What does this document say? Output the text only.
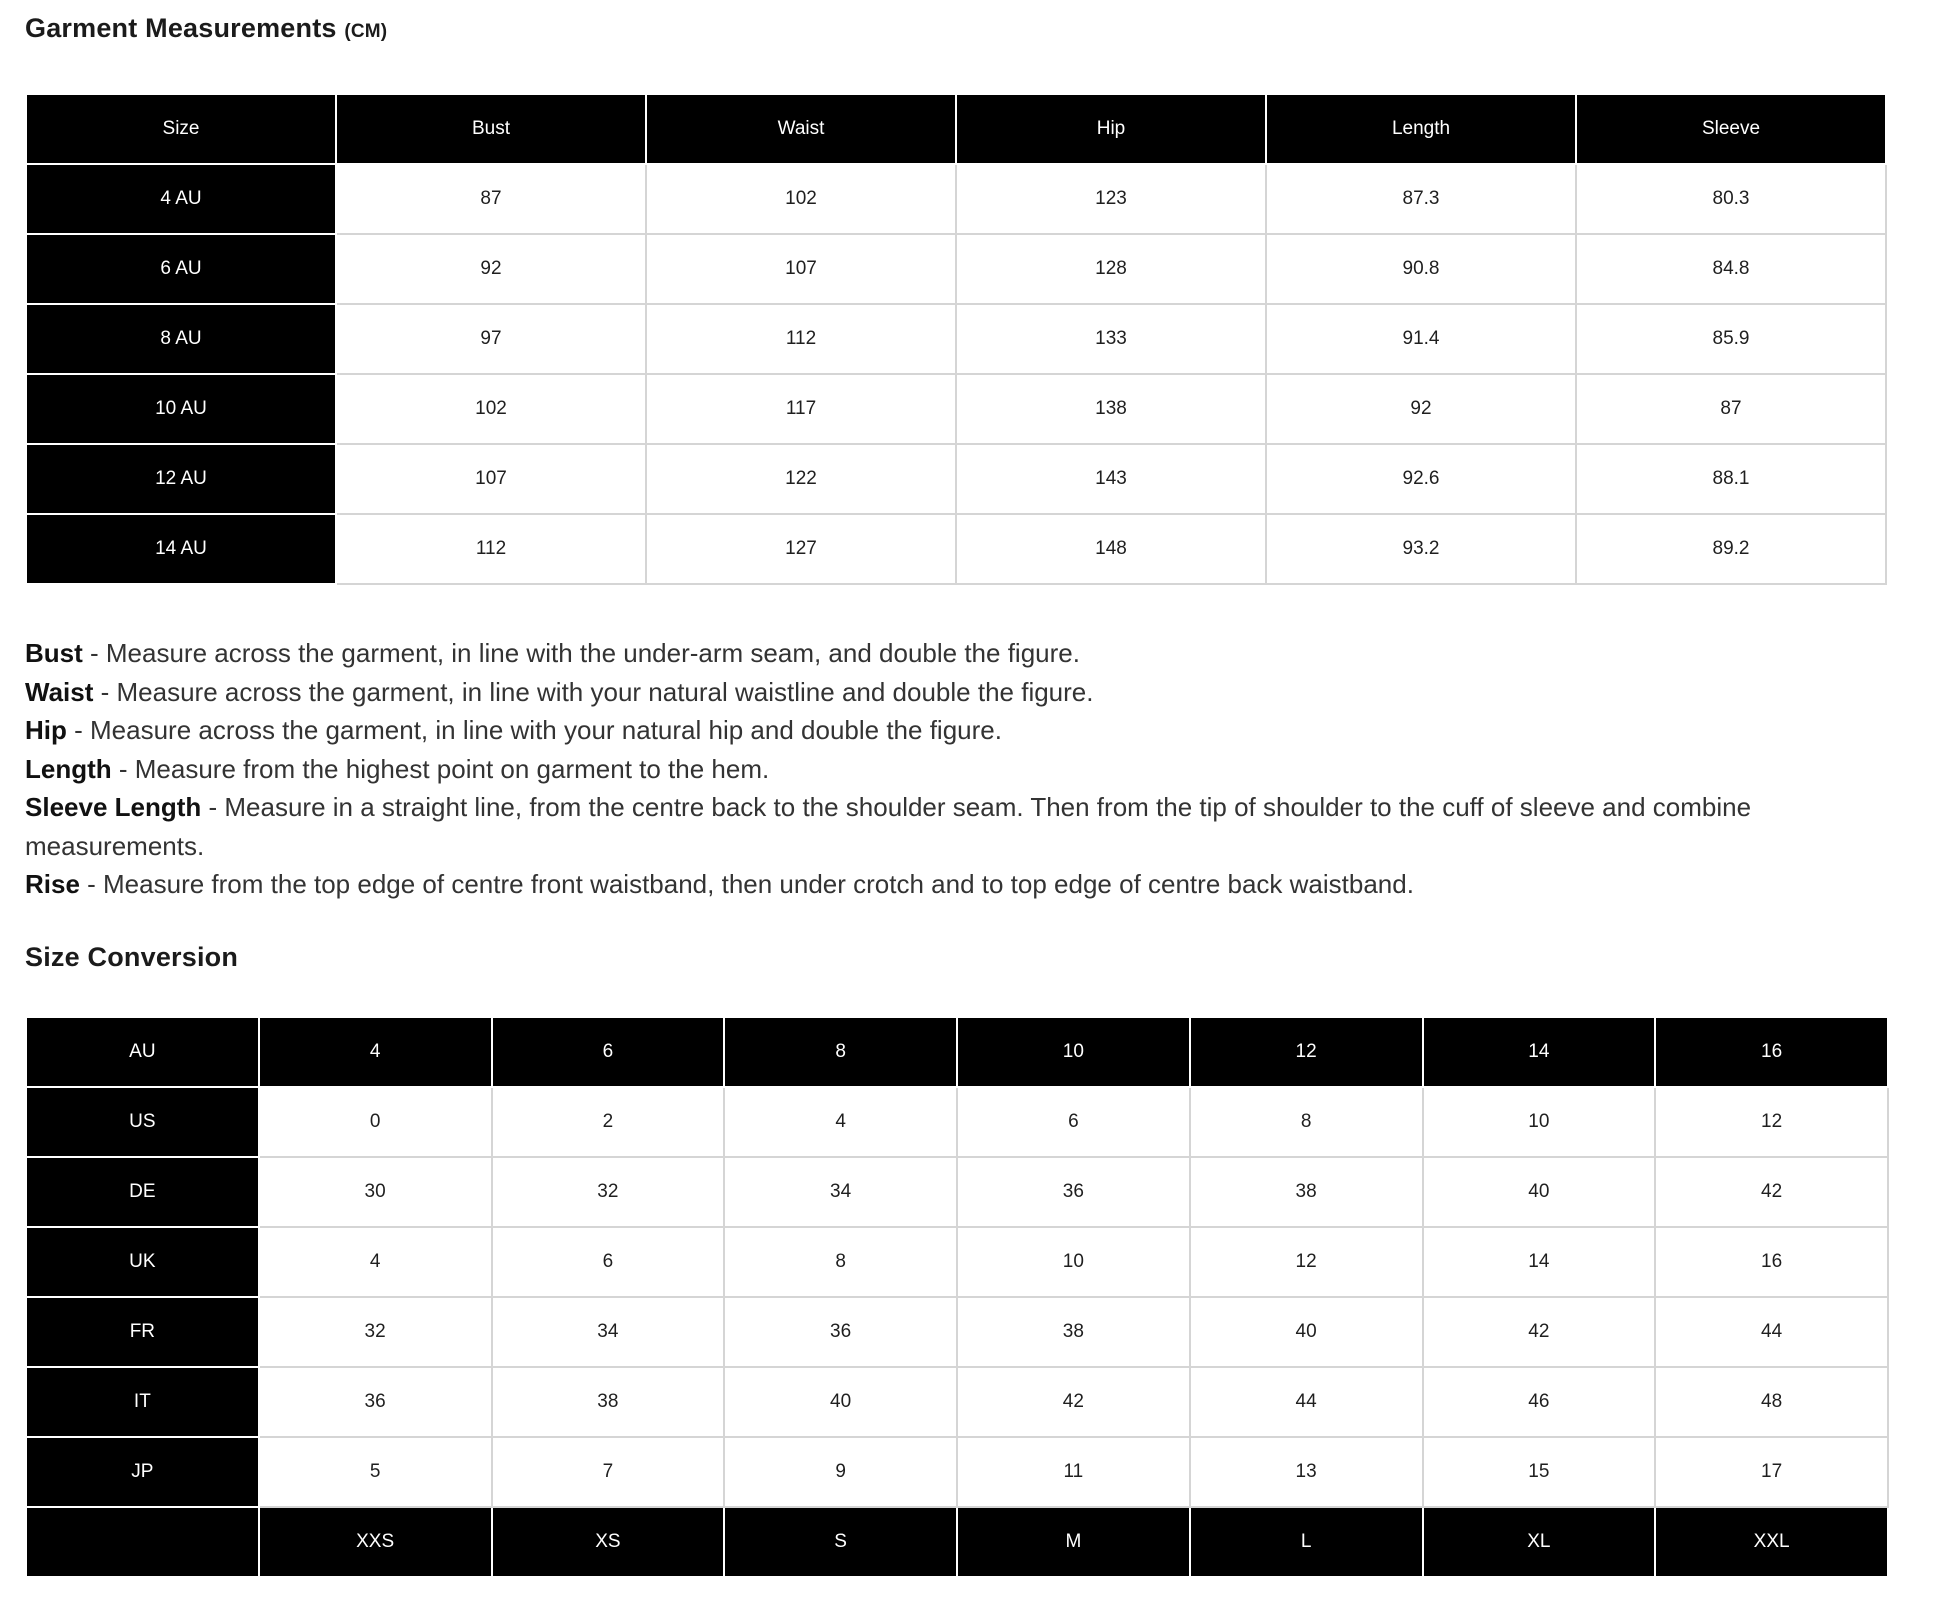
Garment Measurements (CM)
Size	Bust	Waist	Hip	Length	Sleeve
4 AU	87	102	123	87.3	80.3
6 AU	92	107	128	90.8	84.8
8 AU	97	112	133	91.4	85.9
10 AU	102	117	138	92	87
12 AU	107	122	143	92.6	88.1
14 AU	112	127	148	93.2	89.2

Bust - Measure across the garment, in line with the under-arm seam, and double the figure.

Waist - Measure across the garment, in line with your natural waistline and double the figure.

Hip - Measure across the garment, in line with your natural hip and double the figure.

Length - Measure from the highest point on garment to the hem.

Sleeve Length - Measure in a straight line, from the centre back to the shoulder seam. Then from the tip of shoulder to the cuff of sleeve and combine measurements.

Rise - Measure from the top edge of centre front waistband, then under crotch and to top edge of centre back waistband.

Size Conversion
AU	4	6	8	10	12	14	16
US	0	2	4	6	8	10	12
DE	30	32	34	36	38	40	42
UK	4	6	8	10	12	14	16
FR	32	34	36	38	40	42	44
IT	36	38	40	42	44	46	48
JP	5	7	9	11	13	15	17
	XXS	XS	S	M	L	XL	XXL
